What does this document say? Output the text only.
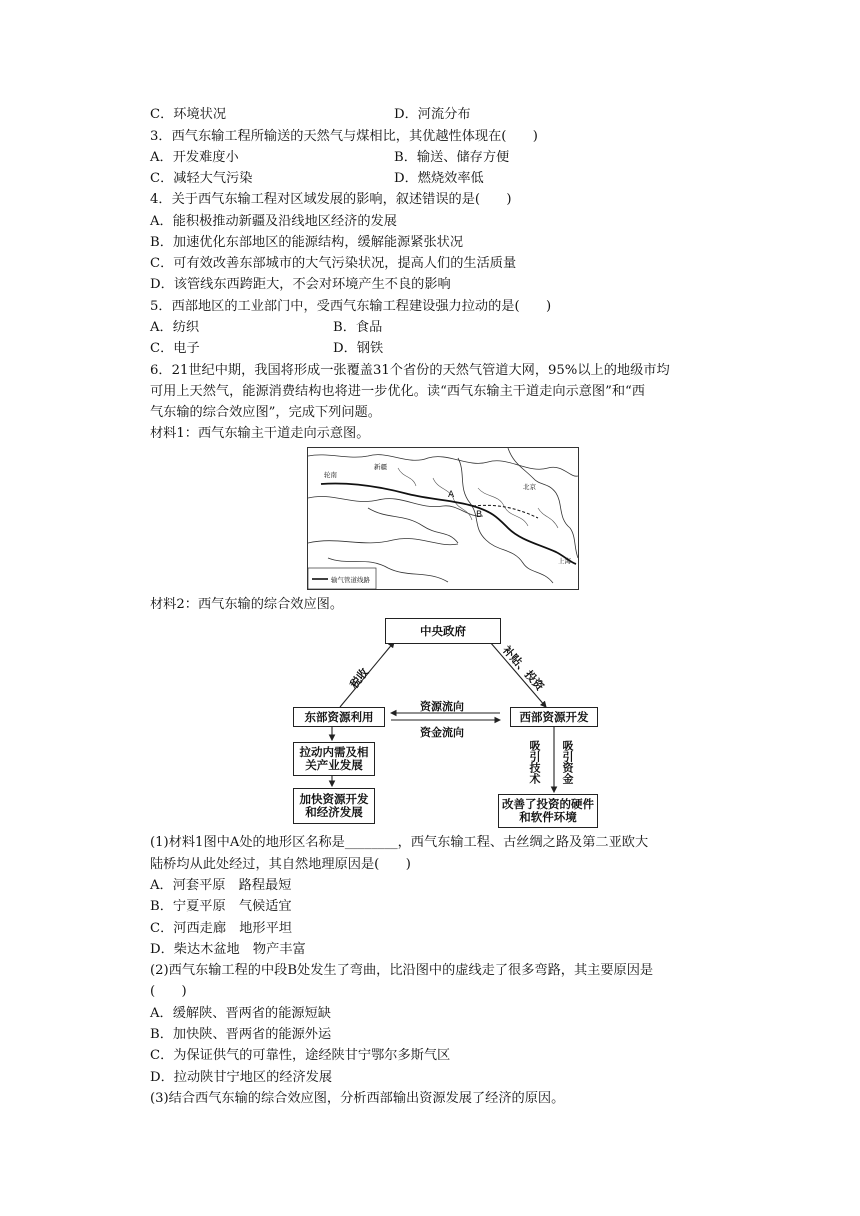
C．环境状况	D．河流分布
3．西气东输工程所输送的天然气与煤相比，其优越性体现在(　　)
A．开发难度小	B．输送、储存方便
C．减轻大气污染	D．燃烧效率低
4．关于西气东输工程对区域发展的影响，叙述错误的是(　　)
A．能积极推动新疆及沿线地区经济的发展
B．加速优化东部地区的能源结构，缓解能源紧张状况
C．可有效改善东部城市的大气污染状况，提高人们的生活质量
D．该管线东西跨距大，不会对环境产生不良的影响
5．西部地区的工业部门中，受西气东输工程建设强力拉动的是(　　)
A．纺织	B．食品
C．电子	D．钢铁
6．21世纪中期，我国将形成一张覆盖31个省份的天然气管道大网，95%以上的地级市均
可用上天然气，能源消费结构也将进一步优化。读“西气东输主干道走向示意图”和“西
气东输的综合效应图”，完成下列问题。
材料1：西气东输主干道走向示意图。
轮南
新疆
北京
上海
A
B
输气管道线路
材料2：西气东输的综合效应图。
中央政府
东部资源利用	西部资源开发
拉动内需及相关产业发展
加快资源开发和经济发展
改善了投资的硬件和软件环境
税收	补贴、投资
资源流向
资金流向
吸引技术 吸引资金
(1)材料1图中A处的地形区名称是________，西气东输工程、古丝绸之路及第二亚欧大
陆桥均从此处经过，其自然地理原因是(　　)
A．河套平原　路程最短
B．宁夏平原　气候适宜
C．河西走廊　地形平坦
D．柴达木盆地　物产丰富
(2)西气东输工程的中段B处发生了弯曲，比沿图中的虚线走了很多弯路，其主要原因是
(　　)
A．缓解陕、晋两省的能源短缺
B．加快陕、晋两省的能源外运
C．为保证供气的可靠性，途经陕甘宁鄂尔多斯气区
D．拉动陕甘宁地区的经济发展
(3)结合西气东输的综合效应图，分析西部输出资源发展了经济的原因。
